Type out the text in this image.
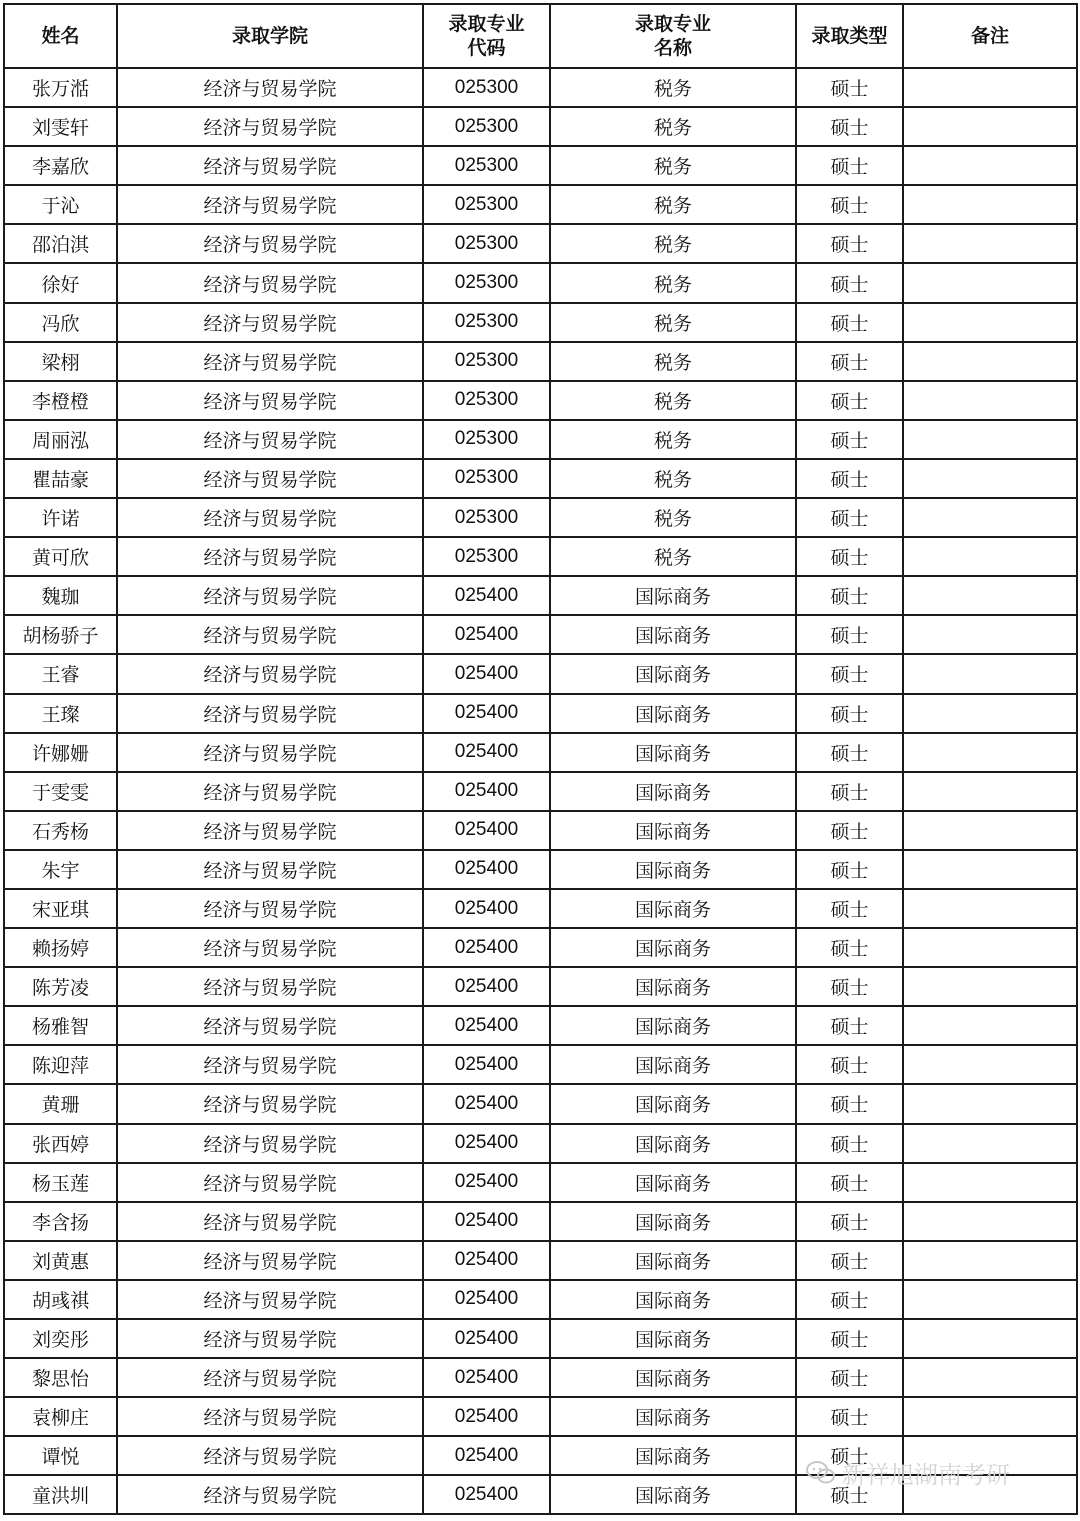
姓名	录取学院	录取专业代码	录取专业名称	录取类型	备注
张万湉	经济与贸易学院	025300	税务	硕士	
刘雯轩	经济与贸易学院	025300	税务	硕士	
李嘉欣	经济与贸易学院	025300	税务	硕士	
于沁	经济与贸易学院	025300	税务	硕士	
邵泊淇	经济与贸易学院	025300	税务	硕士	
徐好	经济与贸易学院	025300	税务	硕士	
冯欣	经济与贸易学院	025300	税务	硕士	
梁栩	经济与贸易学院	025300	税务	硕士	
李橙橙	经济与贸易学院	025300	税务	硕士	
周丽泓	经济与贸易学院	025300	税务	硕士	
瞿喆豪	经济与贸易学院	025300	税务	硕士	
许诺	经济与贸易学院	025300	税务	硕士	
黄可欣	经济与贸易学院	025300	税务	硕士	
魏珈	经济与贸易学院	025400	国际商务	硕士	
胡杨骄子	经济与贸易学院	025400	国际商务	硕士	
王睿	经济与贸易学院	025400	国际商务	硕士	
王璨	经济与贸易学院	025400	国际商务	硕士	
许娜姗	经济与贸易学院	025400	国际商务	硕士	
于雯雯	经济与贸易学院	025400	国际商务	硕士	
石秀杨	经济与贸易学院	025400	国际商务	硕士	
朱宇	经济与贸易学院	025400	国际商务	硕士	
宋亚琪	经济与贸易学院	025400	国际商务	硕士	
赖扬婷	经济与贸易学院	025400	国际商务	硕士	
陈芳凌	经济与贸易学院	025400	国际商务	硕士	
杨雅智	经济与贸易学院	025400	国际商务	硕士	
陈迎萍	经济与贸易学院	025400	国际商务	硕士	
黄珊	经济与贸易学院	025400	国际商务	硕士	
张西婷	经济与贸易学院	025400	国际商务	硕士	
杨玉莲	经济与贸易学院	025400	国际商务	硕士	
李含扬	经济与贸易学院	025400	国际商务	硕士	
刘黄惠	经济与贸易学院	025400	国际商务	硕士	
胡彧祺	经济与贸易学院	025400	国际商务	硕士	
刘奕彤	经济与贸易学院	025400	国际商务	硕士	
黎思怡	经济与贸易学院	025400	国际商务	硕士	
袁柳庄	经济与贸易学院	025400	国际商务	硕士	
谭悦	经济与贸易学院	025400	国际商务	硕士	
童洪圳	经济与贸易学院	025400	国际商务	硕士	
新祥旭湖南考研
